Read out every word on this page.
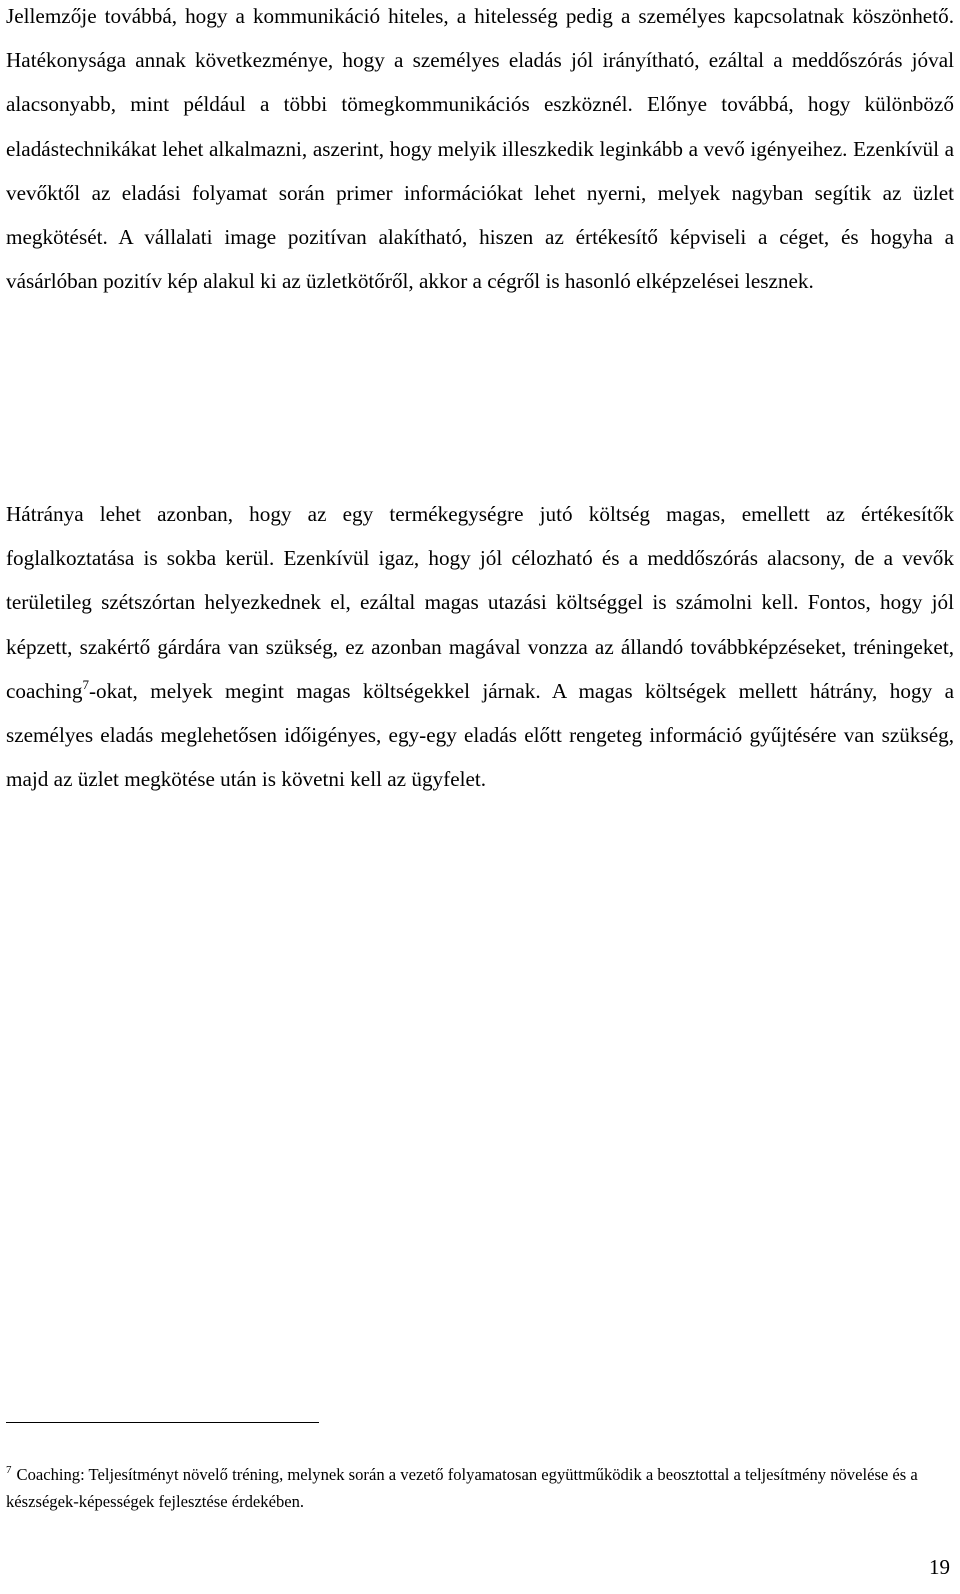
Jellemzője továbbá, hogy a kommunikáció hiteles, a hitelesség pedig a személyes kapcsolatnak köszönhető. Hatékonysága annak következménye, hogy a személyes eladás jól irányítható, ezáltal a meddőszórás jóval alacsonyabb, mint például a többi tömegkommunikációs eszköznél. Előnye továbbá, hogy különböző eladástechnikákat lehet alkalmazni, aszerint, hogy melyik illeszkedik leginkább a vevő igényeihez. Ezenkívül a vevőktől az eladási folyamat során primer információkat lehet nyerni, melyek nagyban segítik az üzlet megkötését. A vállalati image pozitívan alakítható, hiszen az értékesítő képviseli a céget, és hogyha a vásárlóban pozitív kép alakul ki az üzletkötőről, akkor a cégről is hasonló elképzelései lesznek.

Hátránya lehet azonban, hogy az egy termékegységre jutó költség magas, emellett az értékesítők foglalkoztatása is sokba kerül. Ezenkívül igaz, hogy jól célozható és a meddőszórás alacsony, de a vevők területileg szétszórtan helyezkednek el, ezáltal magas utazási költséggel is számolni kell. Fontos, hogy jól képzett, szakértő gárdára van szükség, ez azonban magával vonzza az állandó továbbképzéseket, tréningeket, coaching$^7$-okat, melyek megint magas költségekkel járnak. A magas költségek mellett hátrány, hogy a személyes eladás meglehetősen időigényes, egy-egy eladás előtt rengeteg információ gyűjtésére van szükség, majd az üzlet megkötése után is követni kell az ügyfelet.

$^7$ Coaching: Teljesítményt növelő tréning, melynek során a vezető folyamatosan együttműködik a beosztottal a teljesítmény növelése és a készségek-képességek fejlesztése érdekében.

19
